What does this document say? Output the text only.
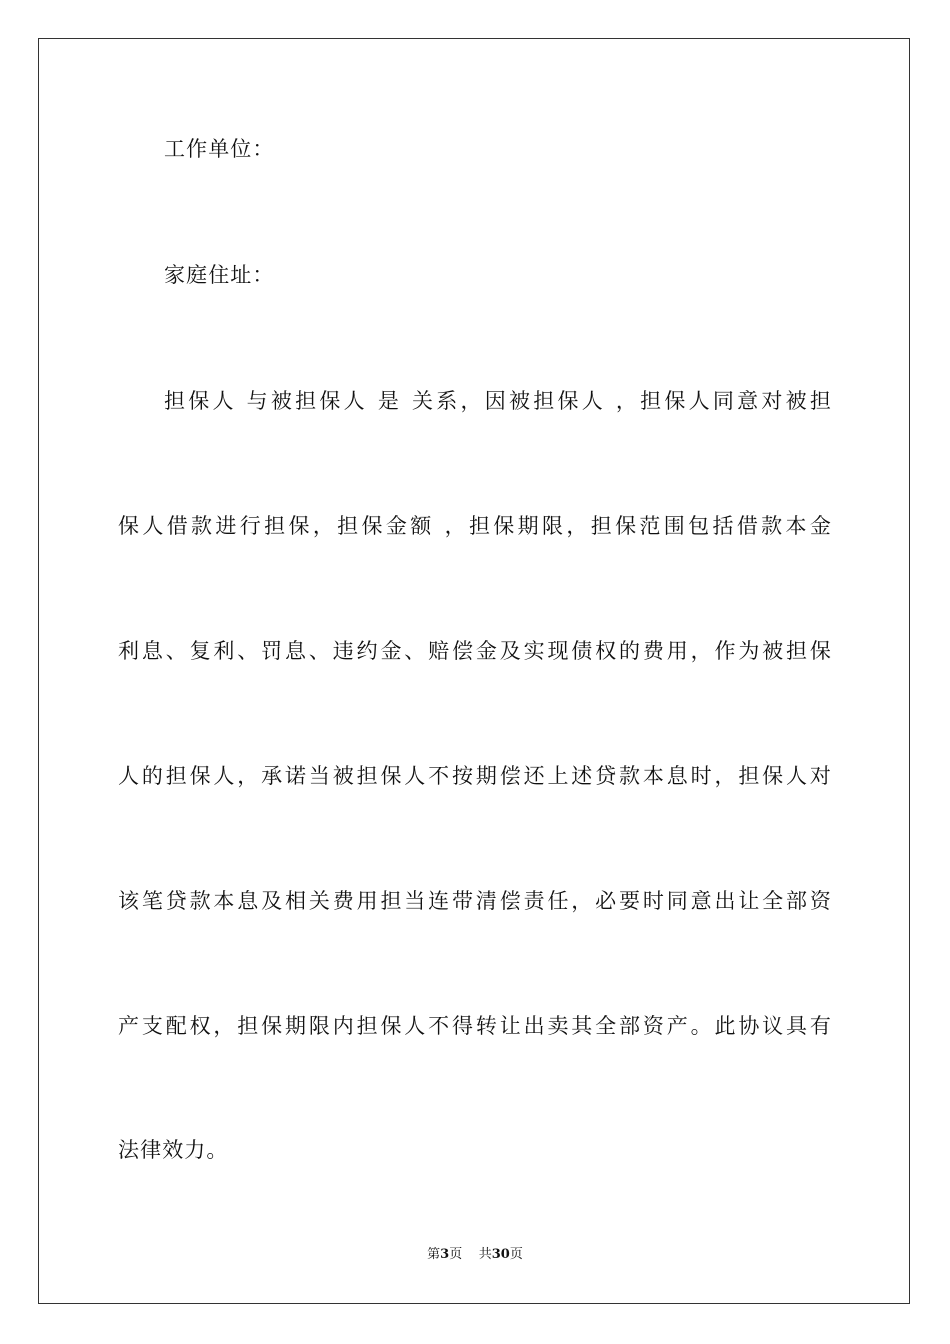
工作单位：
家庭住址：
担保人 与被担保人 是 关系，因被担保人 ，担保人同意对被担
保人借款进行担保，担保金额 ，担保期限，担保范围包括借款本金
利息、复利、罚息、违约金、赔偿金及实现债权的费用，作为被担保
人的担保人，承诺当被担保人不按期偿还上述贷款本息时，担保人对
该笔贷款本息及相关费用担当连带清偿责任，必要时同意出让全部资
产支配权，担保期限内担保人不得转让出卖其全部资产。此协议具有
法律效力。
第3页 共30页
